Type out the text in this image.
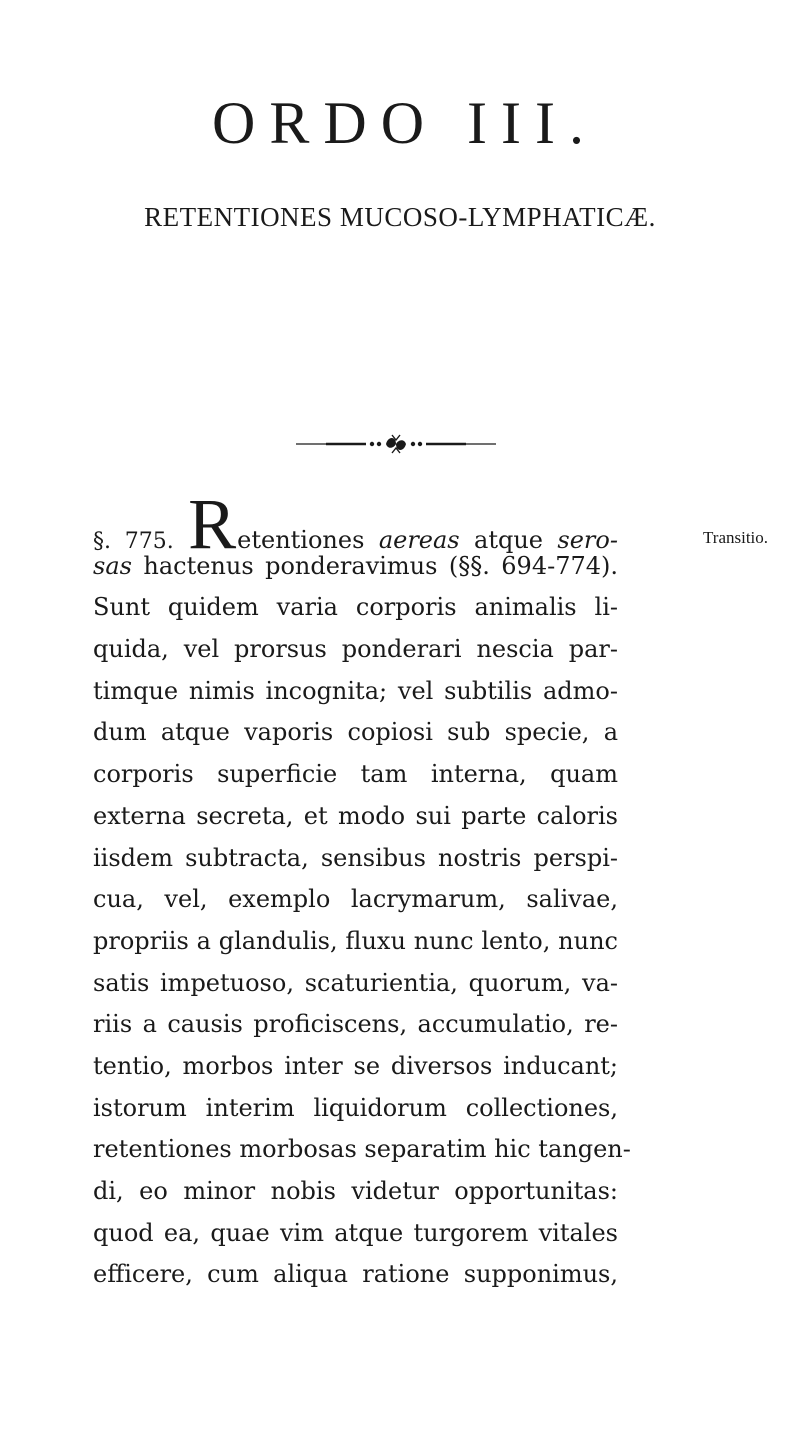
ORDO III.
RETENTIONES MUCOSO-LYMPHATICÆ.
Transitio.
§. 775. Retentiones aereas atque sero-
sas hactenus ponderavimus (§§. 694-774).
Sunt quidem varia corporis animalis li-
quida, vel prorsus ponderari nescia par-
timque nimis incognita; vel subtilis admo-
dum atque vaporis copiosi sub specie, a
corporis superficie tam interna, quam
externa secreta, et modo sui parte caloris
iisdem subtracta, sensibus nostris perspi-
cua, vel, exemplo lacrymarum, salivae,
propriis a glandulis, fluxu nunc lento, nunc
satis impetuoso, scaturientia, quorum, va-
riis a causis proficiscens, accumulatio, re-
tentio, morbos inter se diversos inducant;
istorum interim liquidorum collectiones,
retentiones morbosas separatim hic tangen-
di, eo minor nobis videtur opportunitas:
quod ea, quae vim atque turgorem vitales
efficere, cum aliqua ratione supponimus,
